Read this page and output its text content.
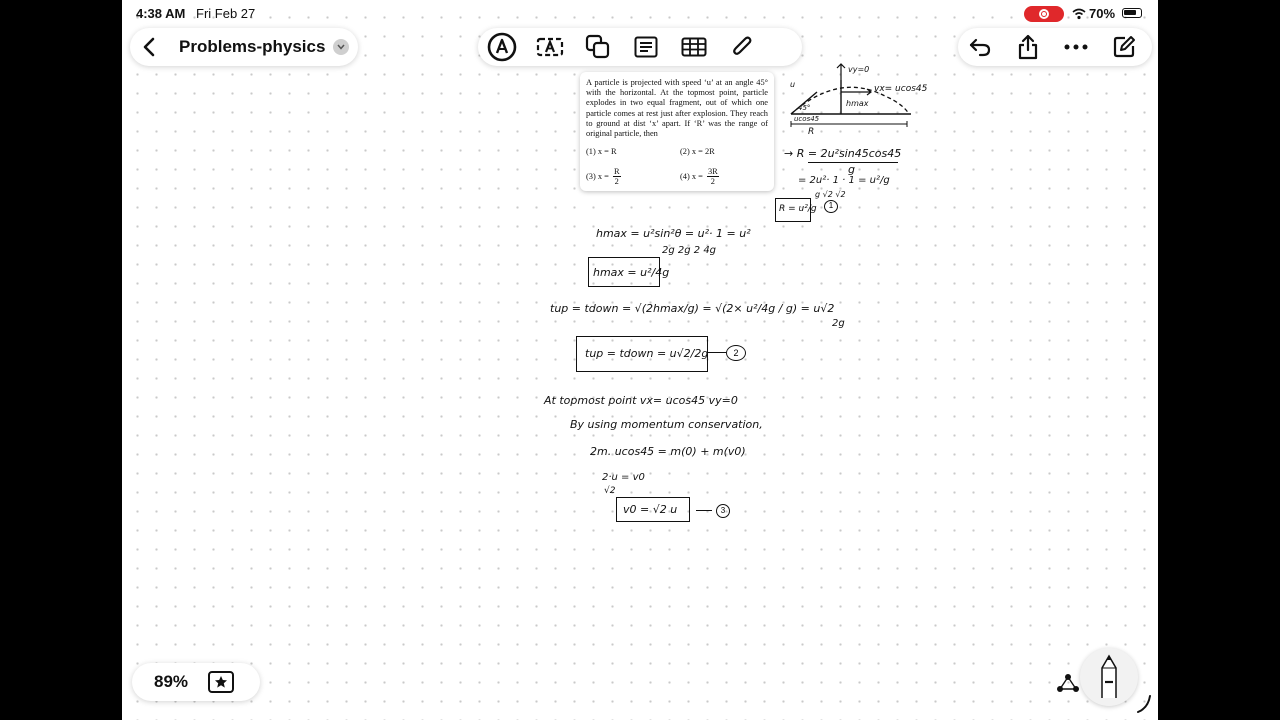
4:38 AM Fri Feb 27	70%
Problems-physics
A particle is projected with speed ‘u’ at an angle 45° with the horizontal. At the topmost point, particle explodes in two equal fragment, out of which one particle comes at rest just after explosion. They reach to ground at dist ‘x’ apart. If ‘R’ was the range of original particle, then
(1) x = R	(2) x = 2R
(3) $x = \frac{R}{2}$	(4) $x = \frac{3R}{2}$
vy=0
vx= ucos45
hmax
u
45°
ucos45
R
→ R = 2u²sin45cos45
g
= 2u²· 1 · 1 = u²/g
g √2 √2
R = u²/g	1
hmax = u²sin²θ = u²· 1 = u²
2g 2g 2 4g
hmax = u²/4g
tup = tdown = √(2hmax/g) = √(2× u²/4g / g) = u√2
2g
tup = tdown = u√2/2g	2
At topmost point vx= ucos45 vy=0
By using momentum conservation,
2m. ucos45 = m(0) + m(v0)
2·u = v0
√2
v0 = √2 u	3
89%
